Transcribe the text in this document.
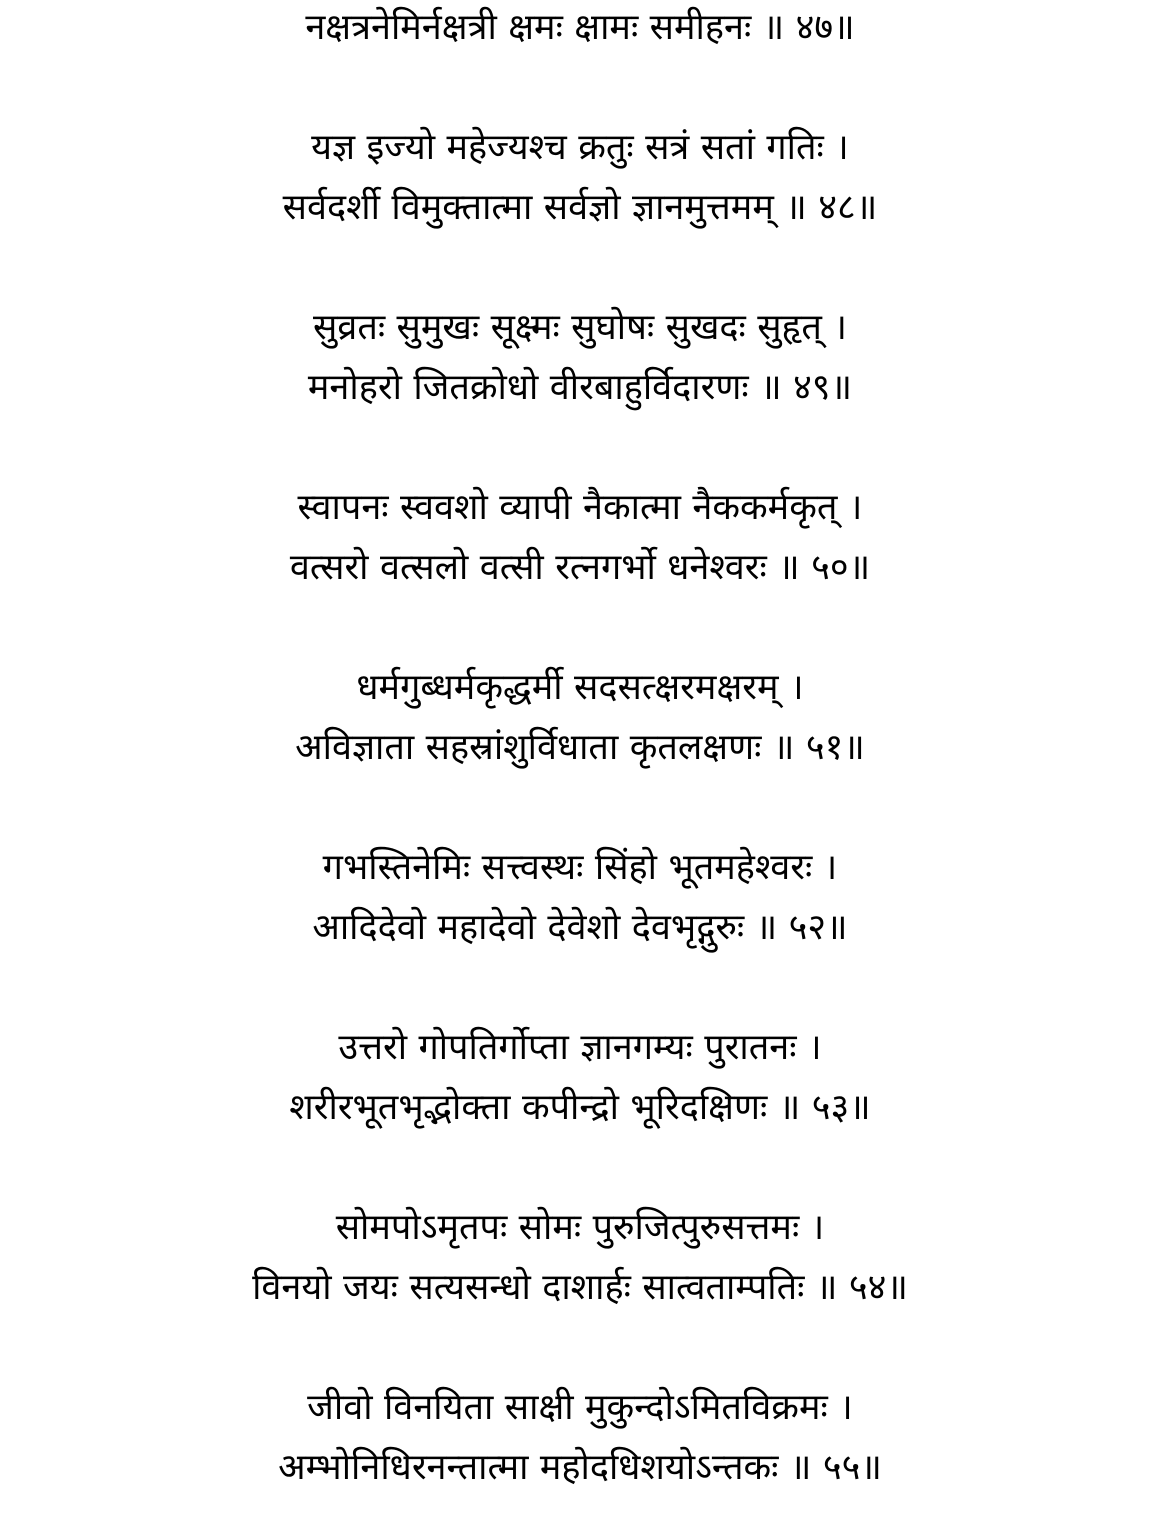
नक्षत्रनेमिर्नक्षत्री क्षमः क्षामः समीहनः ॥ ४७॥
यज्ञ इज्यो महेज्यश्च क्रतुः सत्रं सतां गतिः ।
सर्वदर्शी विमुक्तात्मा सर्वज्ञो ज्ञानमुत्तमम् ॥ ४८॥
सुव्रतः सुमुखः सूक्ष्मः सुघोषः सुखदः सुहृत् ।
मनोहरो जितक्रोधो वीरबाहुर्विदारणः ॥ ४९॥
स्वापनः स्ववशो व्यापी नैकात्मा नैककर्मकृत् ।
वत्सरो वत्सलो वत्सी रत्नगर्भो धनेश्वरः ॥ ५०॥
धर्मगुब्धर्मकृद्धर्मी सदसत्क्षरमक्षरम् ।
अविज्ञाता सहस्रांशुर्विधाता कृतलक्षणः ॥ ५१॥
गभस्तिनेमिः सत्त्वस्थः सिंहो भूतमहेश्वरः ।
आदिदेवो महादेवो देवेशो देवभृद्गुरुः ॥ ५२॥
उत्तरो गोपतिर्गोप्ता ज्ञानगम्यः पुरातनः ।
शरीरभूतभृद्भोक्ता कपीन्द्रो भूरिदक्षिणः ॥ ५३॥
सोमपोऽमृतपः सोमः पुरुजित्पुरुसत्तमः ।
विनयो जयः सत्यसन्धो दाशार्हः सात्वताम्पतिः ॥ ५४॥
जीवो विनयिता साक्षी मुकुन्दोऽमितविक्रमः ।
अम्भोनिधिरनन्तात्मा महोदधिशयोऽन्तकः ॥ ५५॥
